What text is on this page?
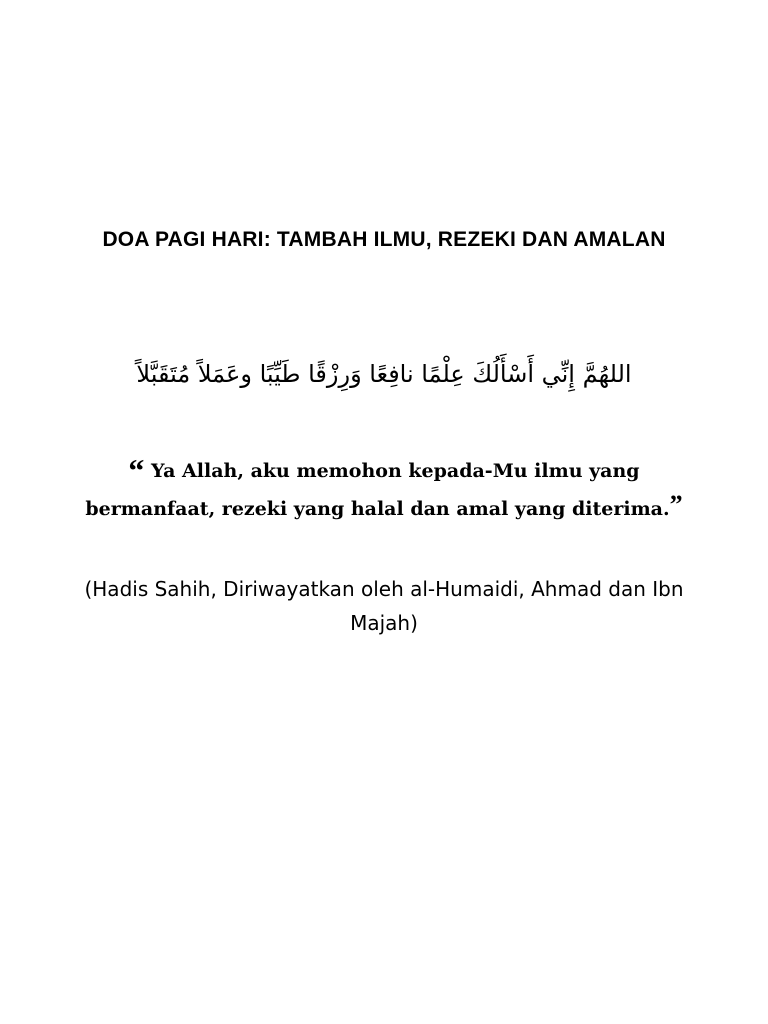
DOA PAGI HARI: TAMBAH ILMU, REZEKI DAN AMALAN
اللهُمَّ إِنِّي أَسْأَلُكَ عِلْمًا نافِعًا وَرِزْقًا طَيِّبًا وعَمَلاً مُتَقَبَّلاً
“ Ya Allah, aku memohon kepada-Mu ilmu yang bermanfaat, rezeki yang halal dan amal yang diterima.”
(Hadis Sahih, Diriwayatkan oleh al-Humaidi, Ahmad dan Ibn Majah)
